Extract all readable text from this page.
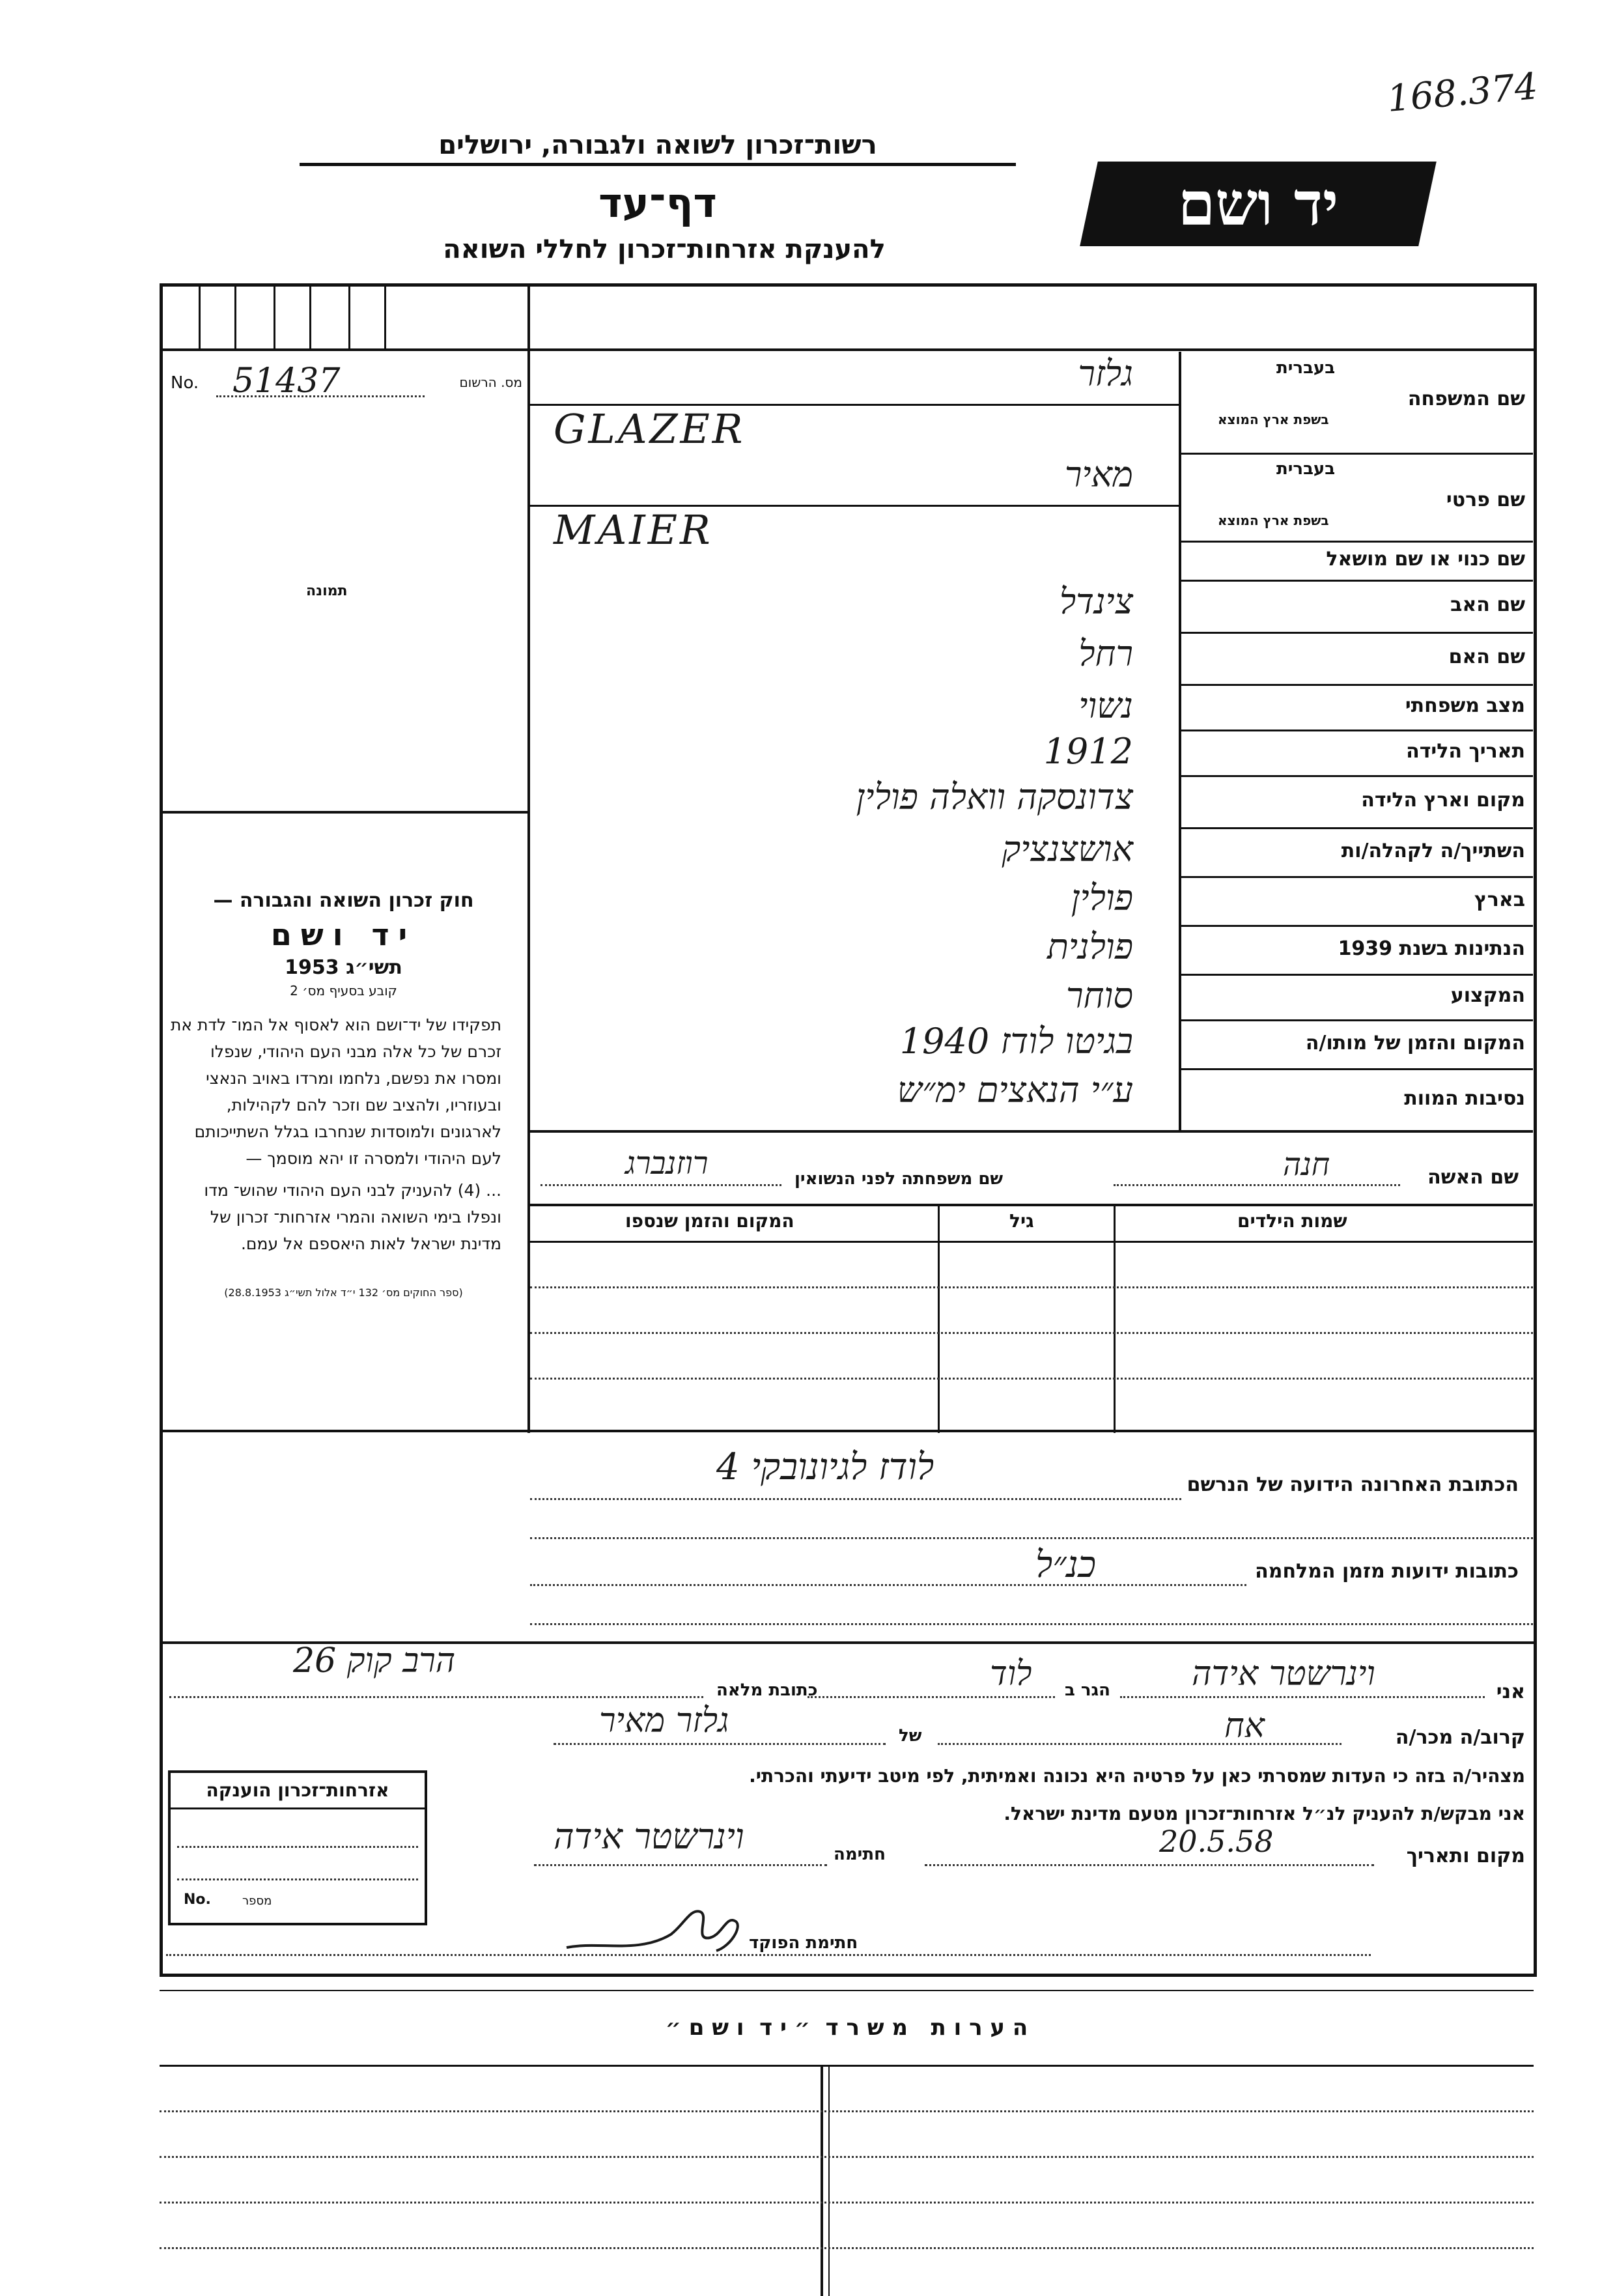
168.374
רשות־זכרון לשואה ולגבורה, ירושלים
דף־עד
להענקת אזרחות־זכרון לחללי השואה
יד ושם
No. 51437	מס. הרשום
תמונה
חוק זכרון השואה והגבורה —
יד ושם
תשי״ג 1953
קובע בסעיף מס׳ 2
תפקידו של יד־ושם הוא לאסוף אל המו־ לדת את זכרם של כל אלה מבני העם היהודי, שנפלו ומסרו את נפשם, נלחמו ומרדו באויב הנאצי ובעוזריו, ולהציב שם וזכר להם לקהילות, לארגונים ולמוסדות שנחרבו בגלל השתייכותם לעם היהודי ולמסרה זו יהא מוסמך —
... (4) להעניק לבני העם היהודי שהוש־ מדו ונפלו בימי השואה והמרי אזרחות־ זכרון של מדינת ישראל לאות היאספם אל עמם.
(ספר החוקים מס׳ 132 י״ד אלול תשי״ג 28.8.1953)
שם המשפחה
בעברית
בשפת ארץ המוצא
גלזר
GLAZER
שם פרטי
בעברית
בשפת ארץ המוצא
מאיר
MAIER
שם כנוי או שם מושאל
שם האב
צינדל
שם האם
רחל
מצב משפחתי
נשוי
תאריך הלידה
1912
מקום וארץ הלידה
צדונסקה וואלה פולין
השתייך/ה לקהלה/ות
אושצנציק
בארץ
פולין
הנתינות בשנת 1939
פולנית
המקצוע
סוחר
המקום והזמן של מותו/ה
בגיטו לודז 1940
נסיבות המוות
ע״י הנאצים ימ״ש
שם האשה
חנה
שם משפחתה לפני הנשואין
רוזנברג
שמות הילדים
גיל
המקום והזמן שנספו
הכתובת האחרונה הידועה של הנרשם
לודז לגיונובקי 4
כתובות ידועות מזמן המלחמה
כנ״ל
אני
וינרשטר אידה
הגר ב
לוד
כתובת מלאה
הרב קוק 26
קרוב/ה מכר/ה
אח
של
גלזר מאיר
מצהיר/ה בזה כי העדות שמסרתי כאן על פרטיה היא נכונה ואמיתית, לפי מיטב ידיעתי והכרתי.
אני מבקש/ת להעניק לנ״ל אזרחות־זכרון מטעם מדינת ישראל.
מקום ותאריך
20.5.58
חתימה
וינרשטר אידה
חתימת הפוקד
אזרחות־זכרון הוענקה
No.	מספר
ה ע ר ו ת   מ ש ר ד  ״ י ד  ו ש ם ״
